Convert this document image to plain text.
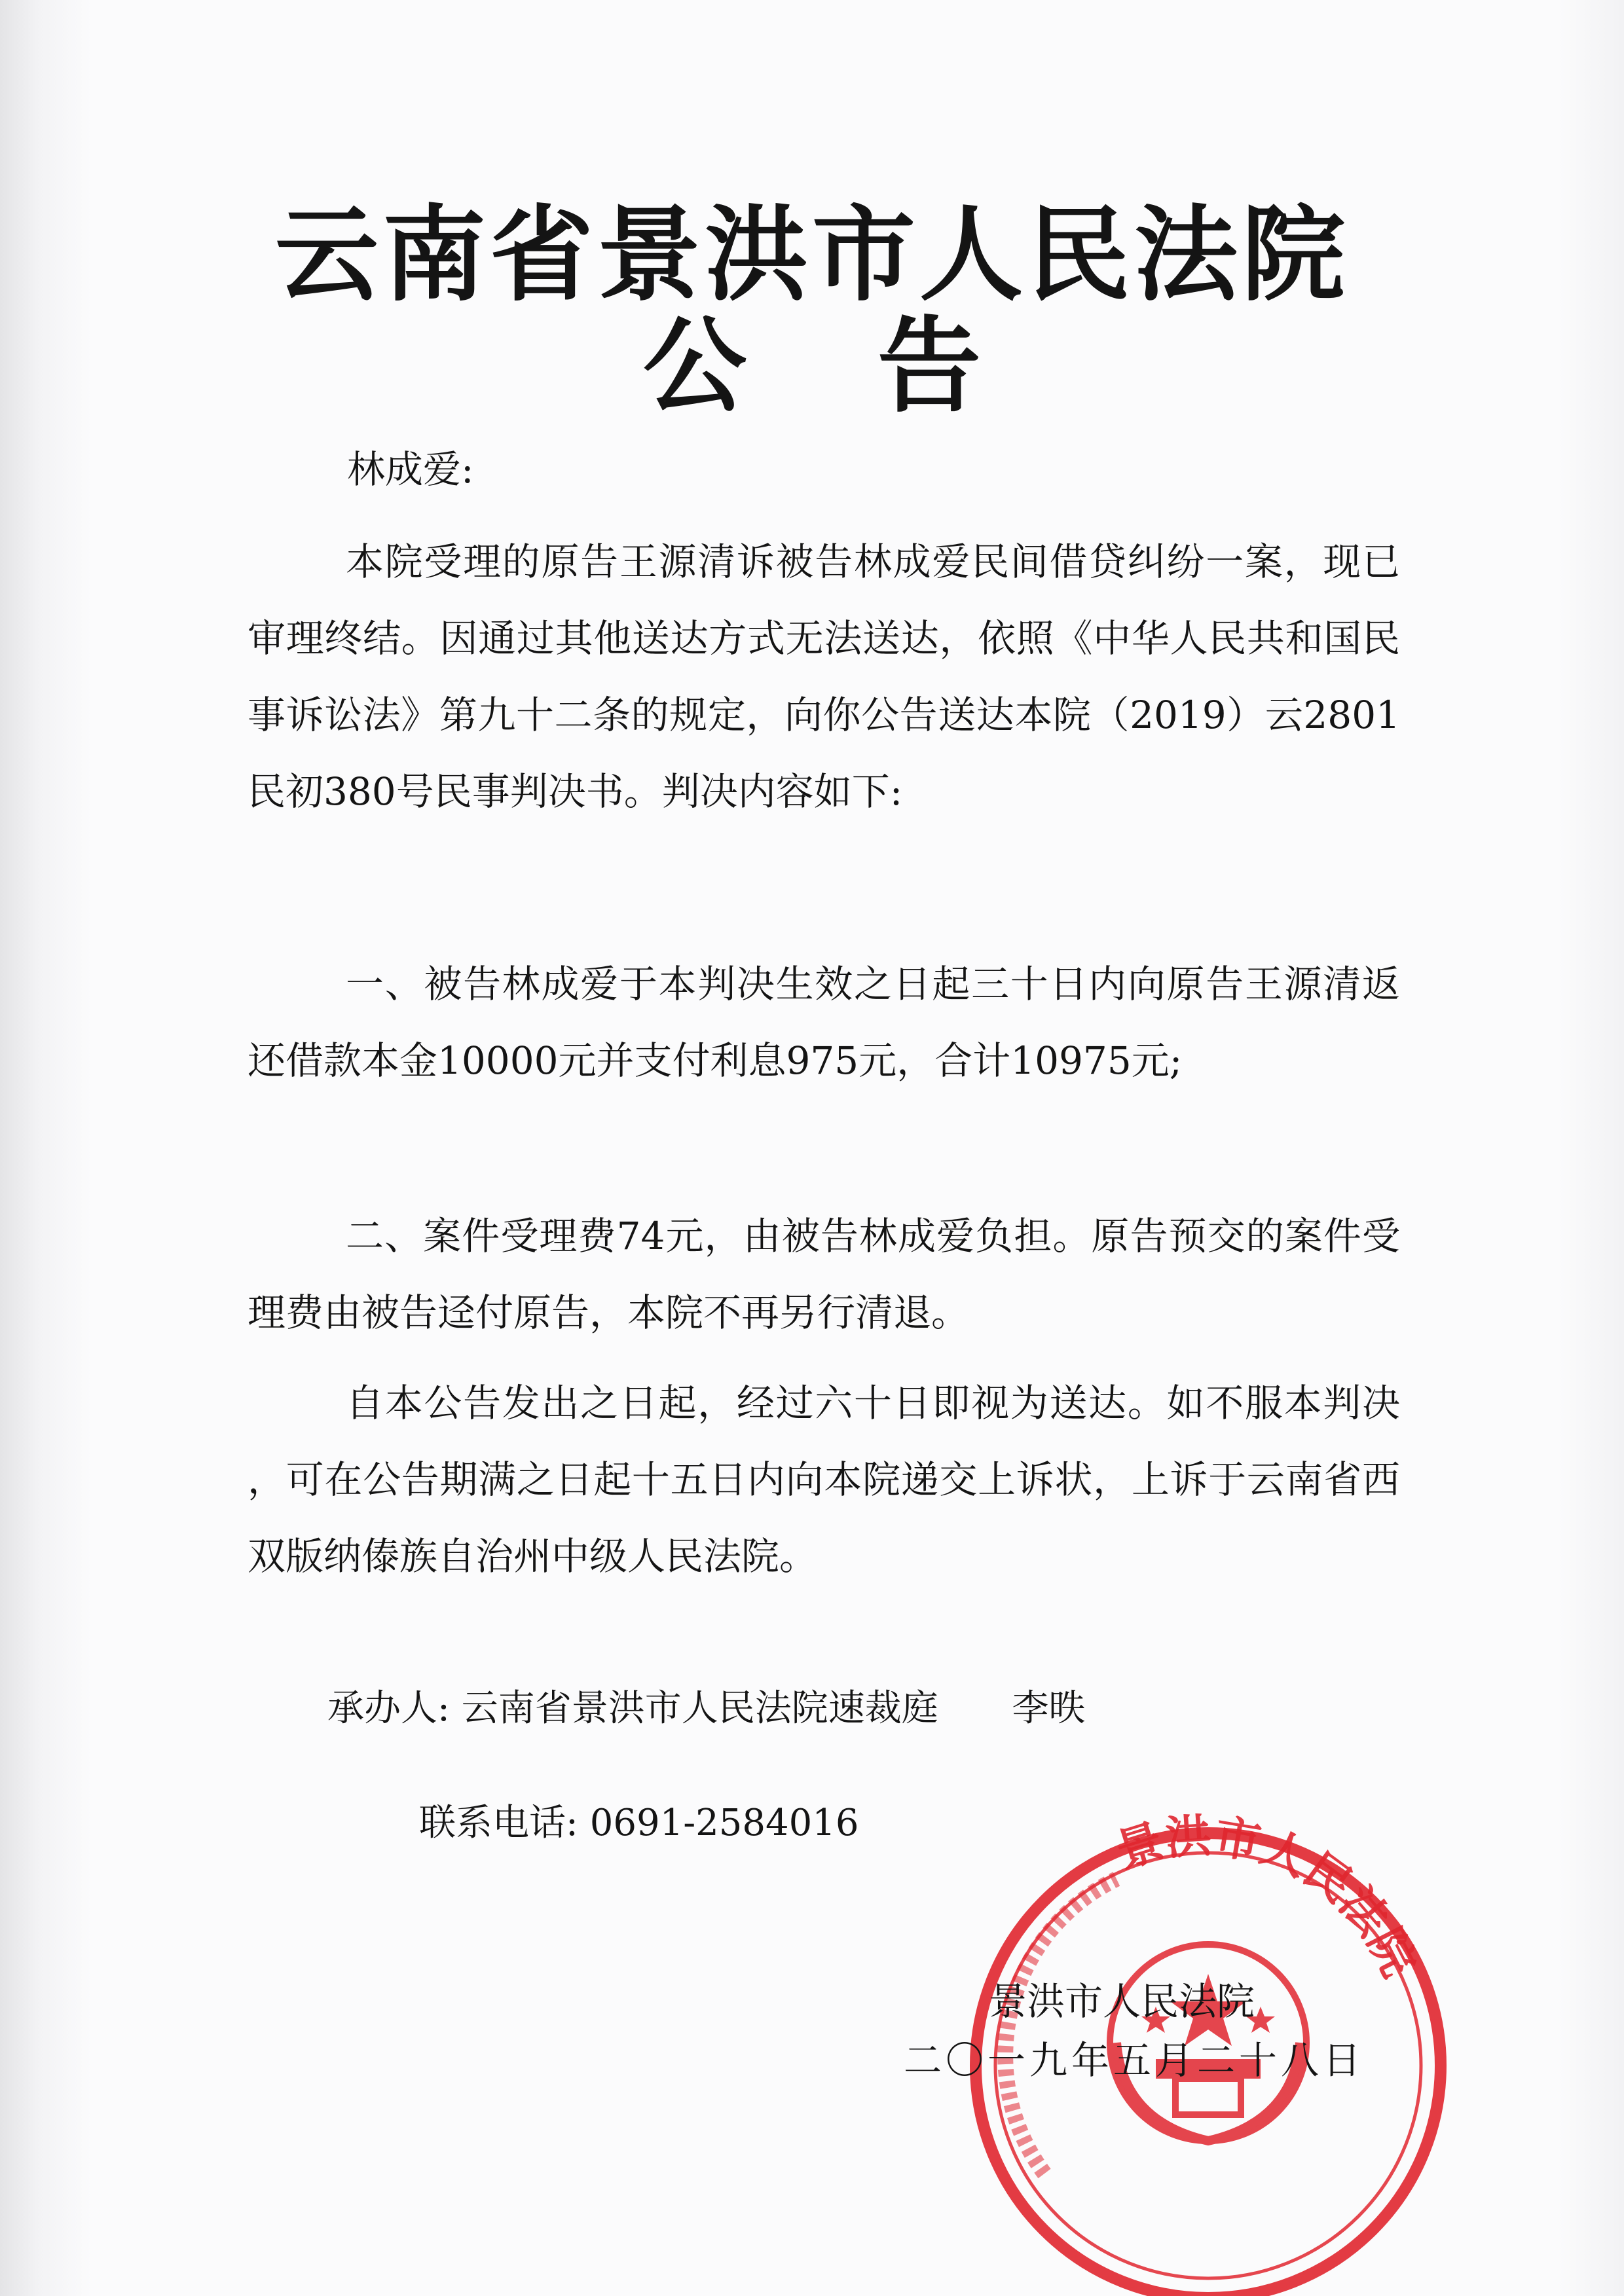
云南省景洪市人民法院
公 告
林成爱:

本院受理的原告王源清诉被告林成爱民间借贷纠纷一案，现已审理终结。因通过其他送达方式无法送达，依照《中华人民共和国民事诉讼法》第九十二条的规定，向你公告送达本院（2019）云2801民初380号民事判决书。判决内容如下:

一、被告林成爱于本判决生效之日起三十日内向原告王源清返还借款本金10000元并支付利息975元，合计10975元;

二、案件受理费74元，由被告林成爱负担。原告预交的案件受理费由被告迳付原告，本院不再另行清退。

自本公告发出之日起，经过六十日即视为送达。如不服本判决 ，可在公告期满之日起十五日内向本院递交上诉状，上诉于云南省西双版纳傣族自治州中级人民法院。

承办人: 云南省景洪市人民法院速裁庭 李昳
联系电话: 0691-2584016	景洪市人民法院
景洪市人民法院
二〇一九年五月二十八日
